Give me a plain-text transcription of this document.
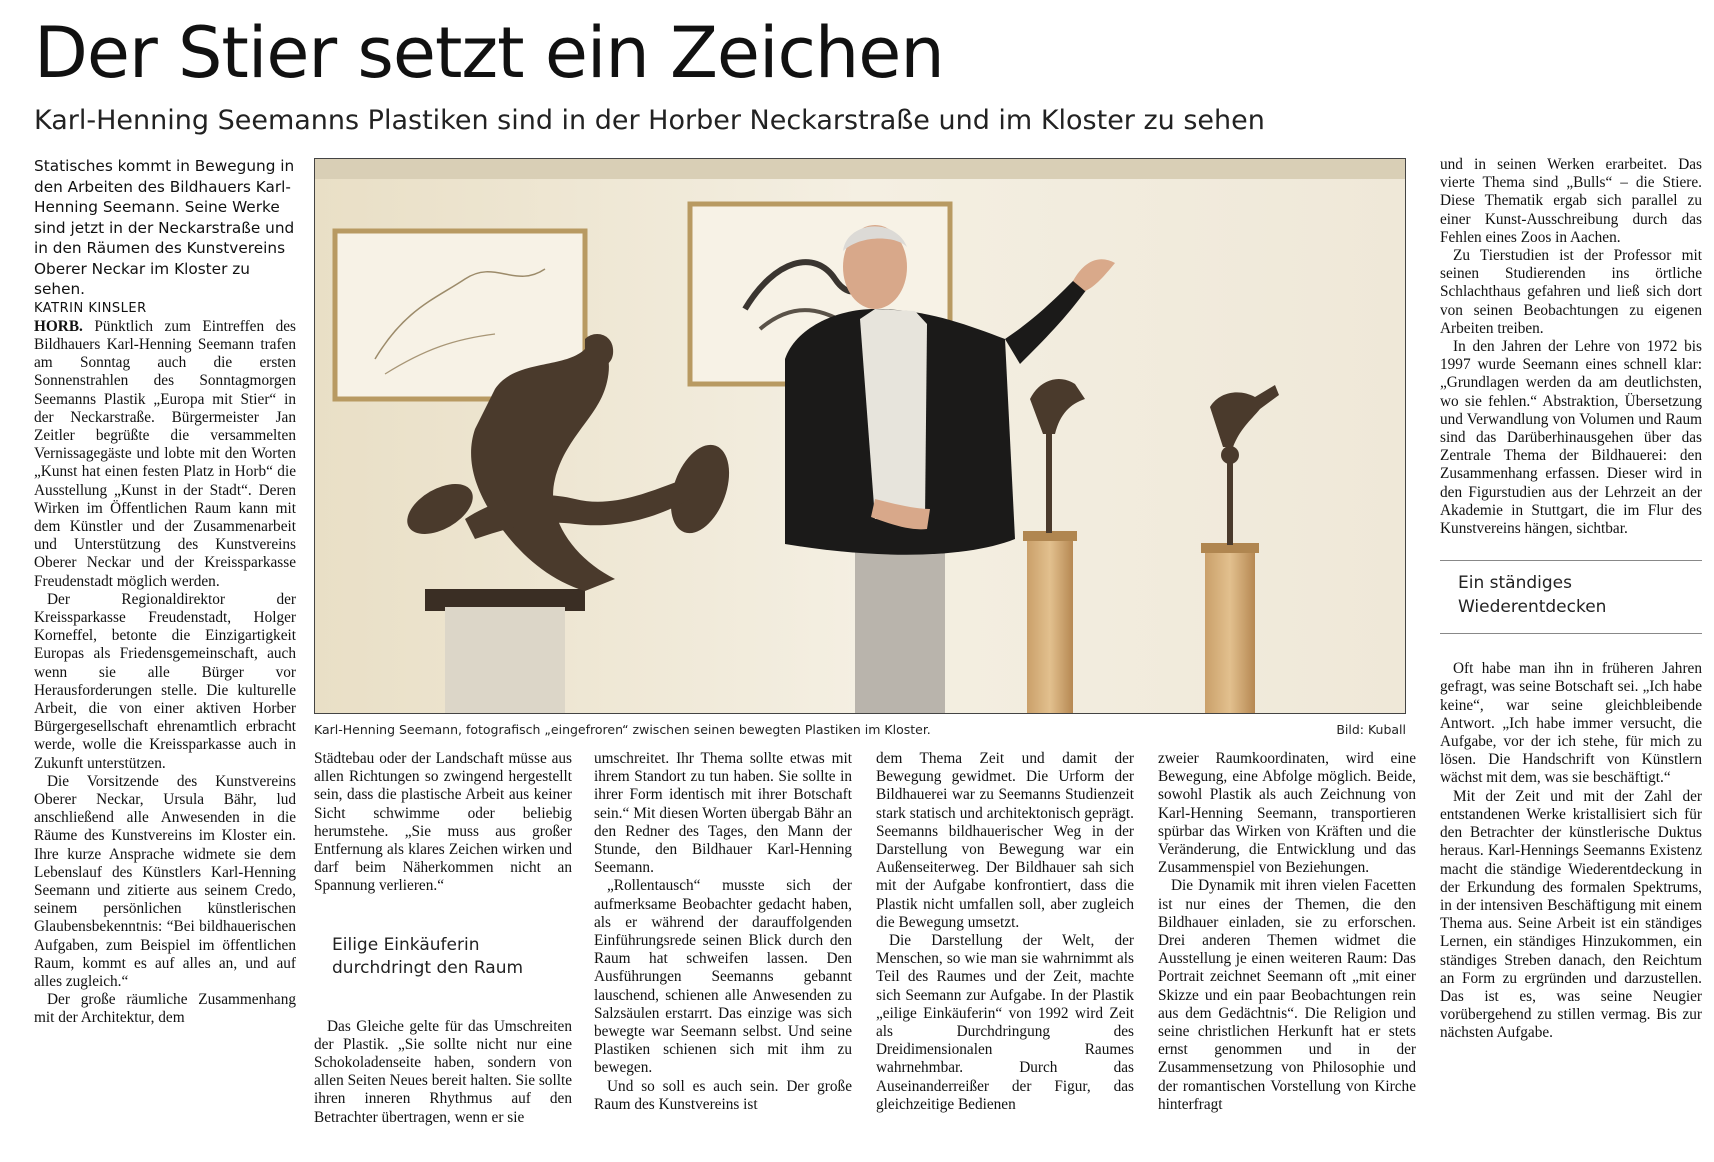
Der Stier setzt ein Zeichen
Karl-Henning Seemanns Plastiken sind in der Horber Neckarstraße und im Kloster zu sehen

Statisches kommt in Bewegung in den Arbeiten des Bildhauers Karl-Henning Seemann. Seine Werke sind jetzt in der Neckarstraße und in den Räumen des Kunstvereins Oberer Neckar im Kloster zu sehen.

KATRIN KINSLER

HORB. Pünktlich zum Eintreffen des Bildhauers Karl-Henning Seemann trafen am Sonntag auch die ersten Sonnenstrahlen des Sonntagmorgen Seemanns Plastik „Europa mit Stier“ in der Neckarstraße. Bürgermeister Jan Zeitler begrüßte die versammelten Vernissagegäste und lobte mit den Worten „Kunst hat einen festen Platz in Horb“ die Ausstellung „Kunst in der Stadt“. Deren Wirken im Öffentlichen Raum kann mit dem Künstler und der Zusammenarbeit und Unterstützung des Kunstvereins Oberer Neckar und der Kreissparkasse Freudenstadt möglich werden.

Der Regionaldirektor der Kreissparkasse Freudenstadt, Holger Korneffel, betonte die Einzigartigkeit Europas als Friedensgemeinschaft, auch wenn sie alle Bürger vor Herausforderungen stelle. Die kulturelle Arbeit, die von einer aktiven Horber Bürgergesellschaft ehrenamtlich erbracht werde, wolle die Kreissparkasse auch in Zukunft unterstützen.

Die Vorsitzende des Kunstvereins Oberer Neckar, Ursula Bähr, lud anschließend alle Anwesenden in die Räume des Kunstvereins im Kloster ein. Ihre kurze Ansprache widmete sie dem Lebenslauf des Künstlers Karl-Henning Seemann und zitierte aus seinem Credo, seinem persönlichen künstlerischen Glaubensbekenntnis: “Bei bildhauerischen Aufgaben, zum Beispiel im öffentlichen Raum, kommt es auf alles an, und auf alles zugleich.“

Der große räumliche Zusammenhang mit der Architektur, dem

Karl-Henning Seemann, fotografisch „eingefroren“ zwischen seinen bewegten Plastiken im Kloster.	Bild: Kuball

Städtebau oder der Landschaft müsse aus allen Richtungen so zwingend hergestellt sein, dass die plastische Arbeit aus keiner Sicht schwimme oder beliebig herumstehe. „Sie muss aus großer Entfernung als klares Zeichen wirken und darf beim Näherkommen nicht an Spannung verlieren.“

Eilige Einkäuferin durchdringt den Raum

Das Gleiche gelte für das Umschreiten der Plastik. „Sie sollte nicht nur eine Schokoladenseite haben, sondern von allen Seiten Neues bereit halten. Sie sollte ihren inneren Rhythmus auf den Betrachter übertragen, wenn er sie

umschreitet. Ihr Thema sollte etwas mit ihrem Standort zu tun haben. Sie sollte in ihrer Form identisch mit ihrer Botschaft sein.“ Mit diesen Worten übergab Bähr an den Redner des Tages, den Mann der Stunde, den Bildhauer Karl-Henning Seemann.

„Rollentausch“ musste sich der aufmerksame Beobachter gedacht haben, als er während der darauffolgenden Einführungsrede seinen Blick durch den Raum hat schweifen lassen. Den Ausführungen Seemanns gebannt lauschend, schienen alle Anwesenden zu Salzsäulen erstarrt. Das einzige was sich bewegte war Seemann selbst. Und seine Plastiken schienen sich mit ihm zu bewegen.

Und so soll es auch sein. Der große Raum des Kunstvereins ist

dem Thema Zeit und damit der Bewegung gewidmet. Die Urform der Bildhauerei war zu Seemanns Studienzeit stark statisch und architektonisch geprägt. Seemanns bildhauerischer Weg in der Darstellung von Bewegung war ein Außenseiterweg. Der Bildhauer sah sich mit der Aufgabe konfrontiert, dass die Plastik nicht umfallen soll, aber zugleich die Bewegung umsetzt.

Die Darstellung der Welt, der Menschen, so wie man sie wahrnimmt als Teil des Raumes und der Zeit, machte sich Seemann zur Aufgabe. In der Plastik „eilige Einkäuferin“ von 1992 wird Zeit als Durchdringung des Dreidimensionalen Raumes wahrnehmbar. Durch das Auseinanderreißer der Figur, das gleichzeitige Bedienen

zweier Raumkoordinaten, wird eine Bewegung, eine Abfolge möglich. Beide, sowohl Plastik als auch Zeichnung von Karl-Henning Seemann, transportieren spürbar das Wirken von Kräften und die Veränderung, die Entwicklung und das Zusammenspiel von Beziehungen.

Die Dynamik mit ihren vielen Facetten ist nur eines der Themen, die den Bildhauer einladen, sie zu erforschen. Drei anderen Themen widmet die Ausstellung je einen weiteren Raum: Das Portrait zeichnet Seemann oft „mit einer Skizze und ein paar Beobachtungen rein aus dem Gedächtnis“. Die Religion und seine christlichen Herkunft hat er stets ernst genommen und in der Zusammensetzung von Philosophie und der romantischen Vorstellung von Kirche hinterfragt

und in seinen Werken erarbeitet. Das vierte Thema sind „Bulls“ – die Stiere. Diese Thematik ergab sich parallel zu einer Kunst-Ausschreibung durch das Fehlen eines Zoos in Aachen.

Zu Tierstudien ist der Professor mit seinen Studierenden ins örtliche Schlachthaus gefahren und ließ sich dort von seinen Beobachtungen zu eigenen Arbeiten treiben.

In den Jahren der Lehre von 1972 bis 1997 wurde Seemann eines schnell klar: „Grundlagen werden da am deutlichsten, wo sie fehlen.“ Abstraktion, Übersetzung und Verwandlung von Volumen und Raum sind das Darüberhinausgehen über das Zentrale Thema der Bildhauerei: den Zusammenhang erfassen. Dieser wird in den Figurstudien aus der Lehrzeit an der Akademie in Stuttgart, die im Flur des Kunstvereins hängen, sichtbar.

Ein ständiges Wiederentdecken

Oft habe man ihn in früheren Jahren gefragt, was seine Botschaft sei. „Ich habe keine“, war seine gleichbleibende Antwort. „Ich habe immer versucht, die Aufgabe, vor der ich stehe, für mich zu lösen. Die Handschrift von Künstlern wächst mit dem, was sie beschäftigt.“

Mit der Zeit und mit der Zahl der entstandenen Werke kristallisiert sich für den Betrachter der künstlerische Duktus heraus. Karl-Hennings Seemanns Existenz macht die ständige Wiederentdeckung in der Erkundung des formalen Spektrums, in der intensiven Beschäftigung mit einem Thema aus. Seine Arbeit ist ein ständiges Lernen, ein ständiges Hinzukommen, ein ständiges Streben danach, den Reichtum an Form zu ergründen und darzustellen. Das ist es, was seine Neugier vorübergehend zu stillen vermag. Bis zur nächsten Aufgabe.
